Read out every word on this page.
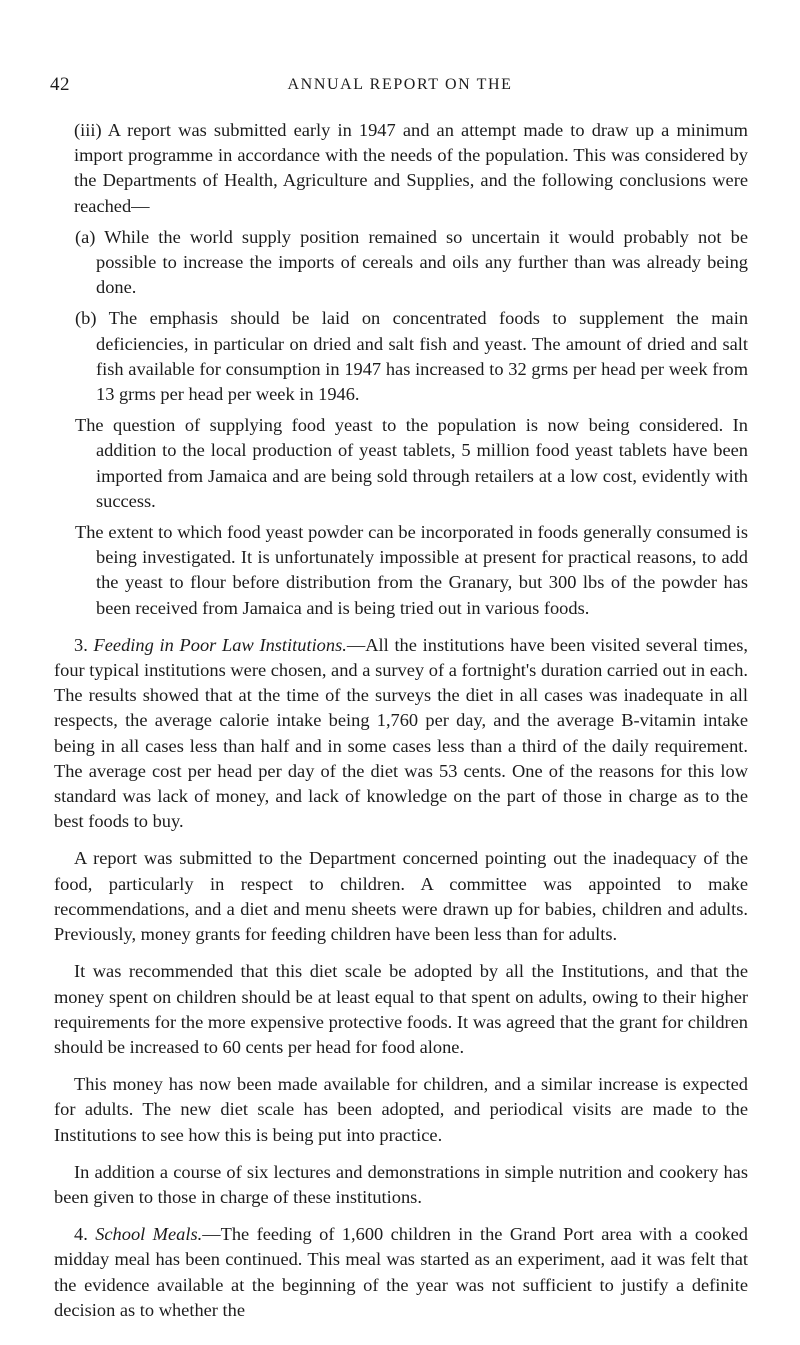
42	ANNUAL REPORT ON THE

(iii) A report was submitted early in 1947 and an attempt made to draw up a minimum import programme in accordance with the needs of the population. This was considered by the Departments of Health, Agriculture and Supplies, and the following conclusions were reached—

(a) While the world supply position remained so uncertain it would probably not be possible to increase the imports of cereals and oils any further than was already being done.

(b) The emphasis should be laid on concentrated foods to supplement the main deficiencies, in particular on dried and salt fish and yeast. The amount of dried and salt fish available for consumption in 1947 has increased to 32 grms per head per week from 13 grms per head per week in 1946.

The question of supplying food yeast to the population is now being considered. In addition to the local production of yeast tablets, 5 million food yeast tablets have been imported from Jamaica and are being sold through retailers at a low cost, evidently with success.

The extent to which food yeast powder can be incorporated in foods generally consumed is being investigated. It is unfortunately impossible at present for practical reasons, to add the yeast to flour before distribution from the Granary, but 300 lbs of the powder has been received from Jamaica and is being tried out in various foods.

3. Feeding in Poor Law Institutions.—All the institutions have been visited several times, four typical institutions were chosen, and a survey of a fortnight's duration carried out in each. The results showed that at the time of the surveys the diet in all cases was inadequate in all respects, the average calorie intake being 1,760 per day, and the average B-vitamin intake being in all cases less than half and in some cases less than a third of the daily requirement. The average cost per head per day of the diet was 53 cents. One of the reasons for this low standard was lack of money, and lack of knowledge on the part of those in charge as to the best foods to buy.

A report was submitted to the Department concerned pointing out the inadequacy of the food, particularly in respect to children. A committee was appointed to make recommendations, and a diet and menu sheets were drawn up for babies, children and adults. Previously, money grants for feeding children have been less than for adults.

It was recommended that this diet scale be adopted by all the Institutions, and that the money spent on children should be at least equal to that spent on adults, owing to their higher requirements for the more expensive protective foods. It was agreed that the grant for children should be increased to 60 cents per head for food alone.

This money has now been made available for children, and a similar increase is expected for adults. The new diet scale has been adopted, and periodical visits are made to the Institutions to see how this is being put into practice.

In addition a course of six lectures and demonstrations in simple nutrition and cookery has been given to those in charge of these institutions.

4. School Meals.—The feeding of 1,600 children in the Grand Port area with a cooked midday meal has been continued. This meal was started as an experiment, aad it was felt that the evidence available at the beginning of the year was not sufficient to justify a definite decision as to whether the
